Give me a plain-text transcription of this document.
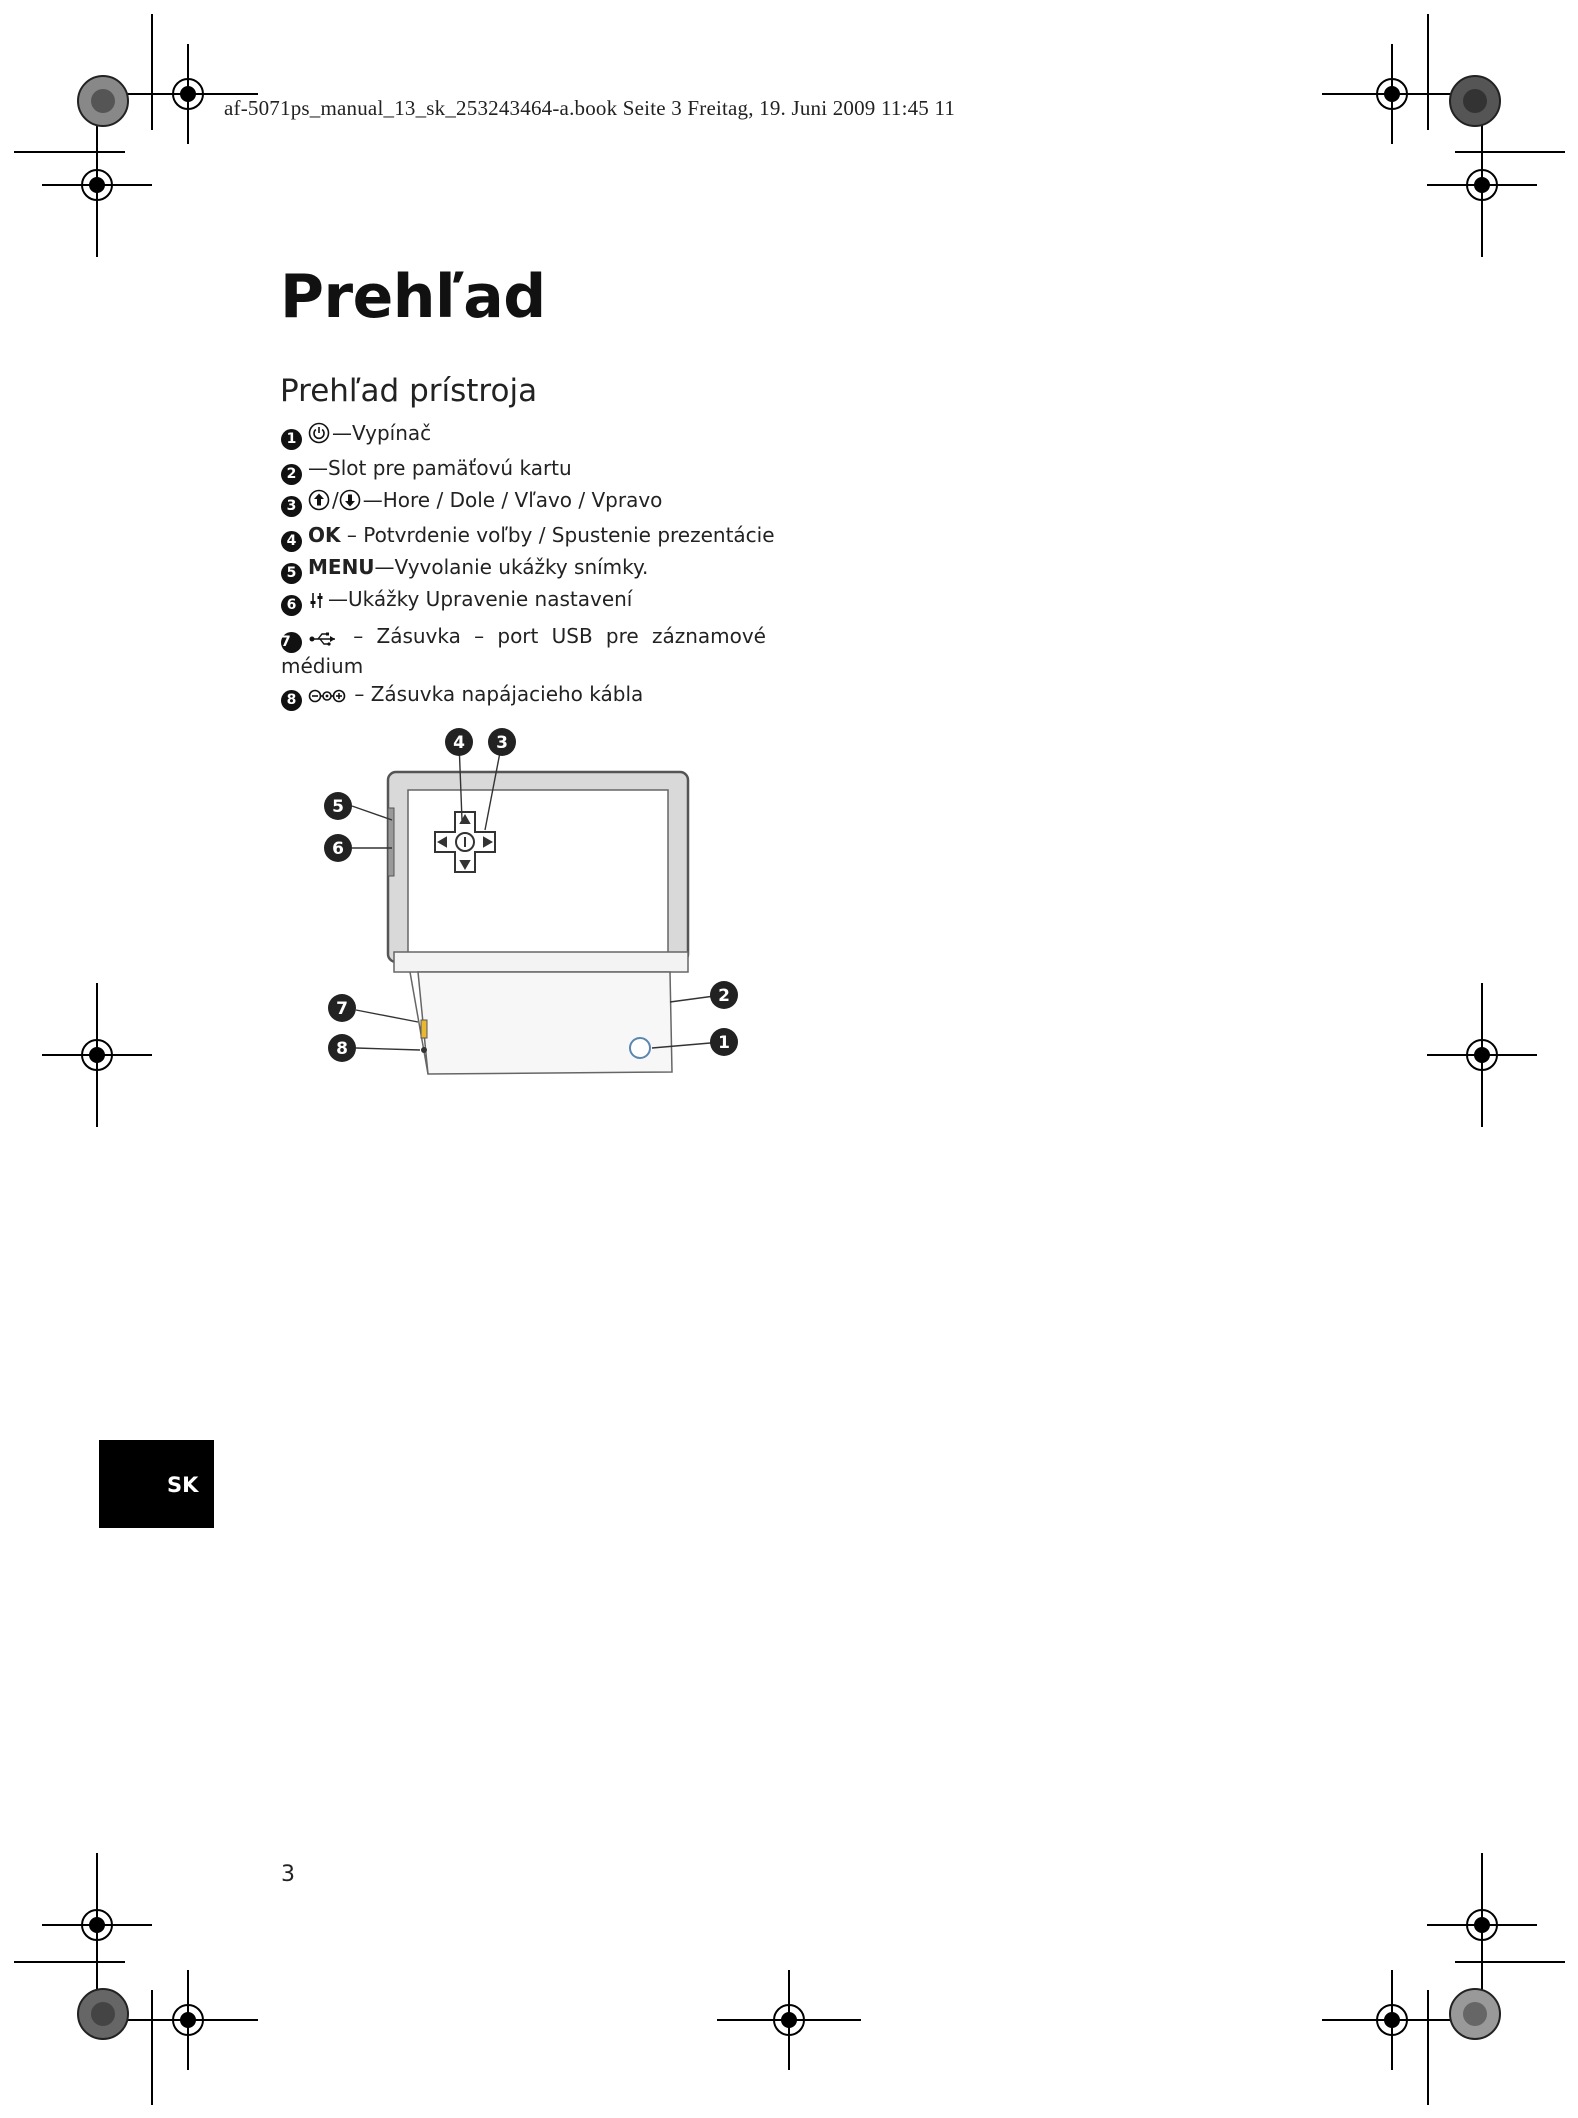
af-5071ps_manual_13_sk_253243464-a.book Seite 3 Freitag, 19. Juni 2009 11:45 11
Prehľad
Prehľad prístroja
1 —Vypínač
2 —Slot pre pamäťovú kartu
3 / —Hore / Dole / Vľavo / Vpravo
4 OK – Potvrdenie voľby / Spustenie prezentácie
5 MENU—Vyvolanie ukážky snímky.
6 —Ukážky Upravenie nastavení
7 – Zásuvka – port USB pre záznamové
médium
8	– Zásuvka napájacieho kábla
4 3
5
6
7
8
2
1
SK
3
